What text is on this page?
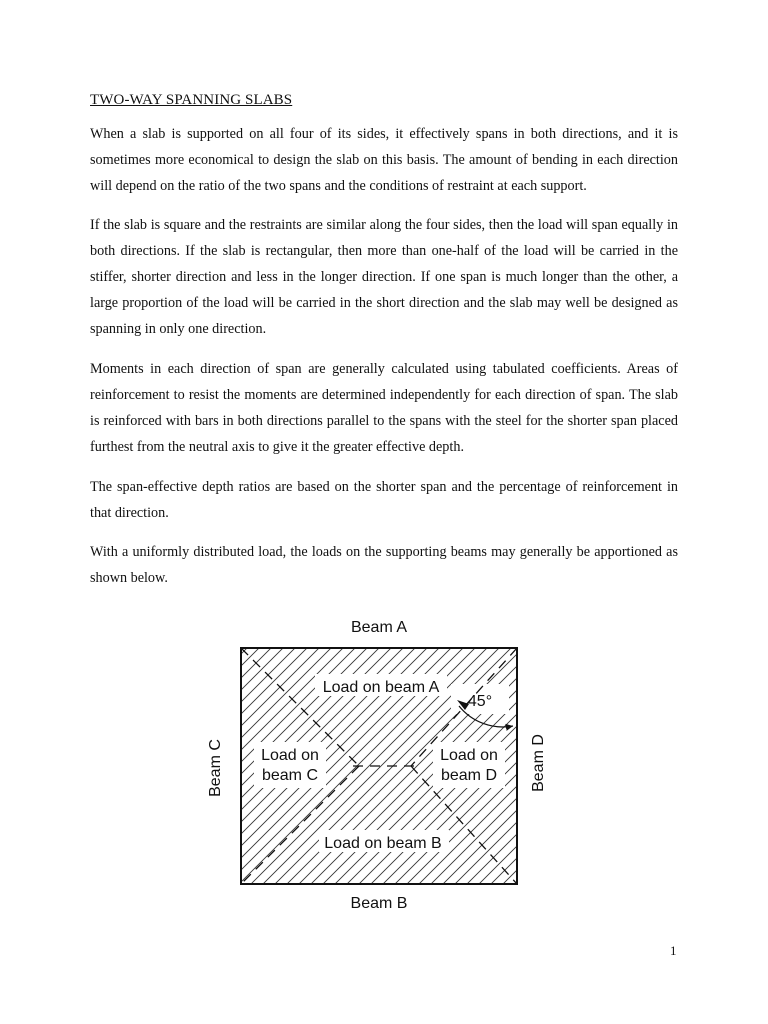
TWO-WAY SPANNING SLABS

When a slab is supported on all four of its sides, it effectively spans in both directions, and it is sometimes more economical to design the slab on this basis. The amount of bending in each direction will depend on the ratio of the two spans and the conditions of restraint at each support.

If the slab is square and the restraints are similar along the four sides, then the load will span equally in both directions. If the slab is rectangular, then more than one-half of the load will be carried in the stiffer, shorter direction and less in the longer direction. If one span is much longer than the other, a large proportion of the load will be carried in the short direction and the slab may well be designed as spanning in only one direction.

Moments in each direction of span are generally calculated using tabulated coefficients. Areas of reinforcement to resist the moments are determined independently for each direction of span. The slab is reinforced with bars in both directions parallel to the spans with the steel for the shorter span placed furthest from the neutral axis to give it the greater effective depth.

The span-effective depth ratios are based on the shorter span and the percentage of reinforcement in that direction.

With a uniformly distributed load, the loads on the supporting beams may generally be apportioned as shown below.

Beam A
Beam B
Beam C	Beam D
Load on beam A
Load on
beam C
Load on
beam D
Load on beam B
45°
1
